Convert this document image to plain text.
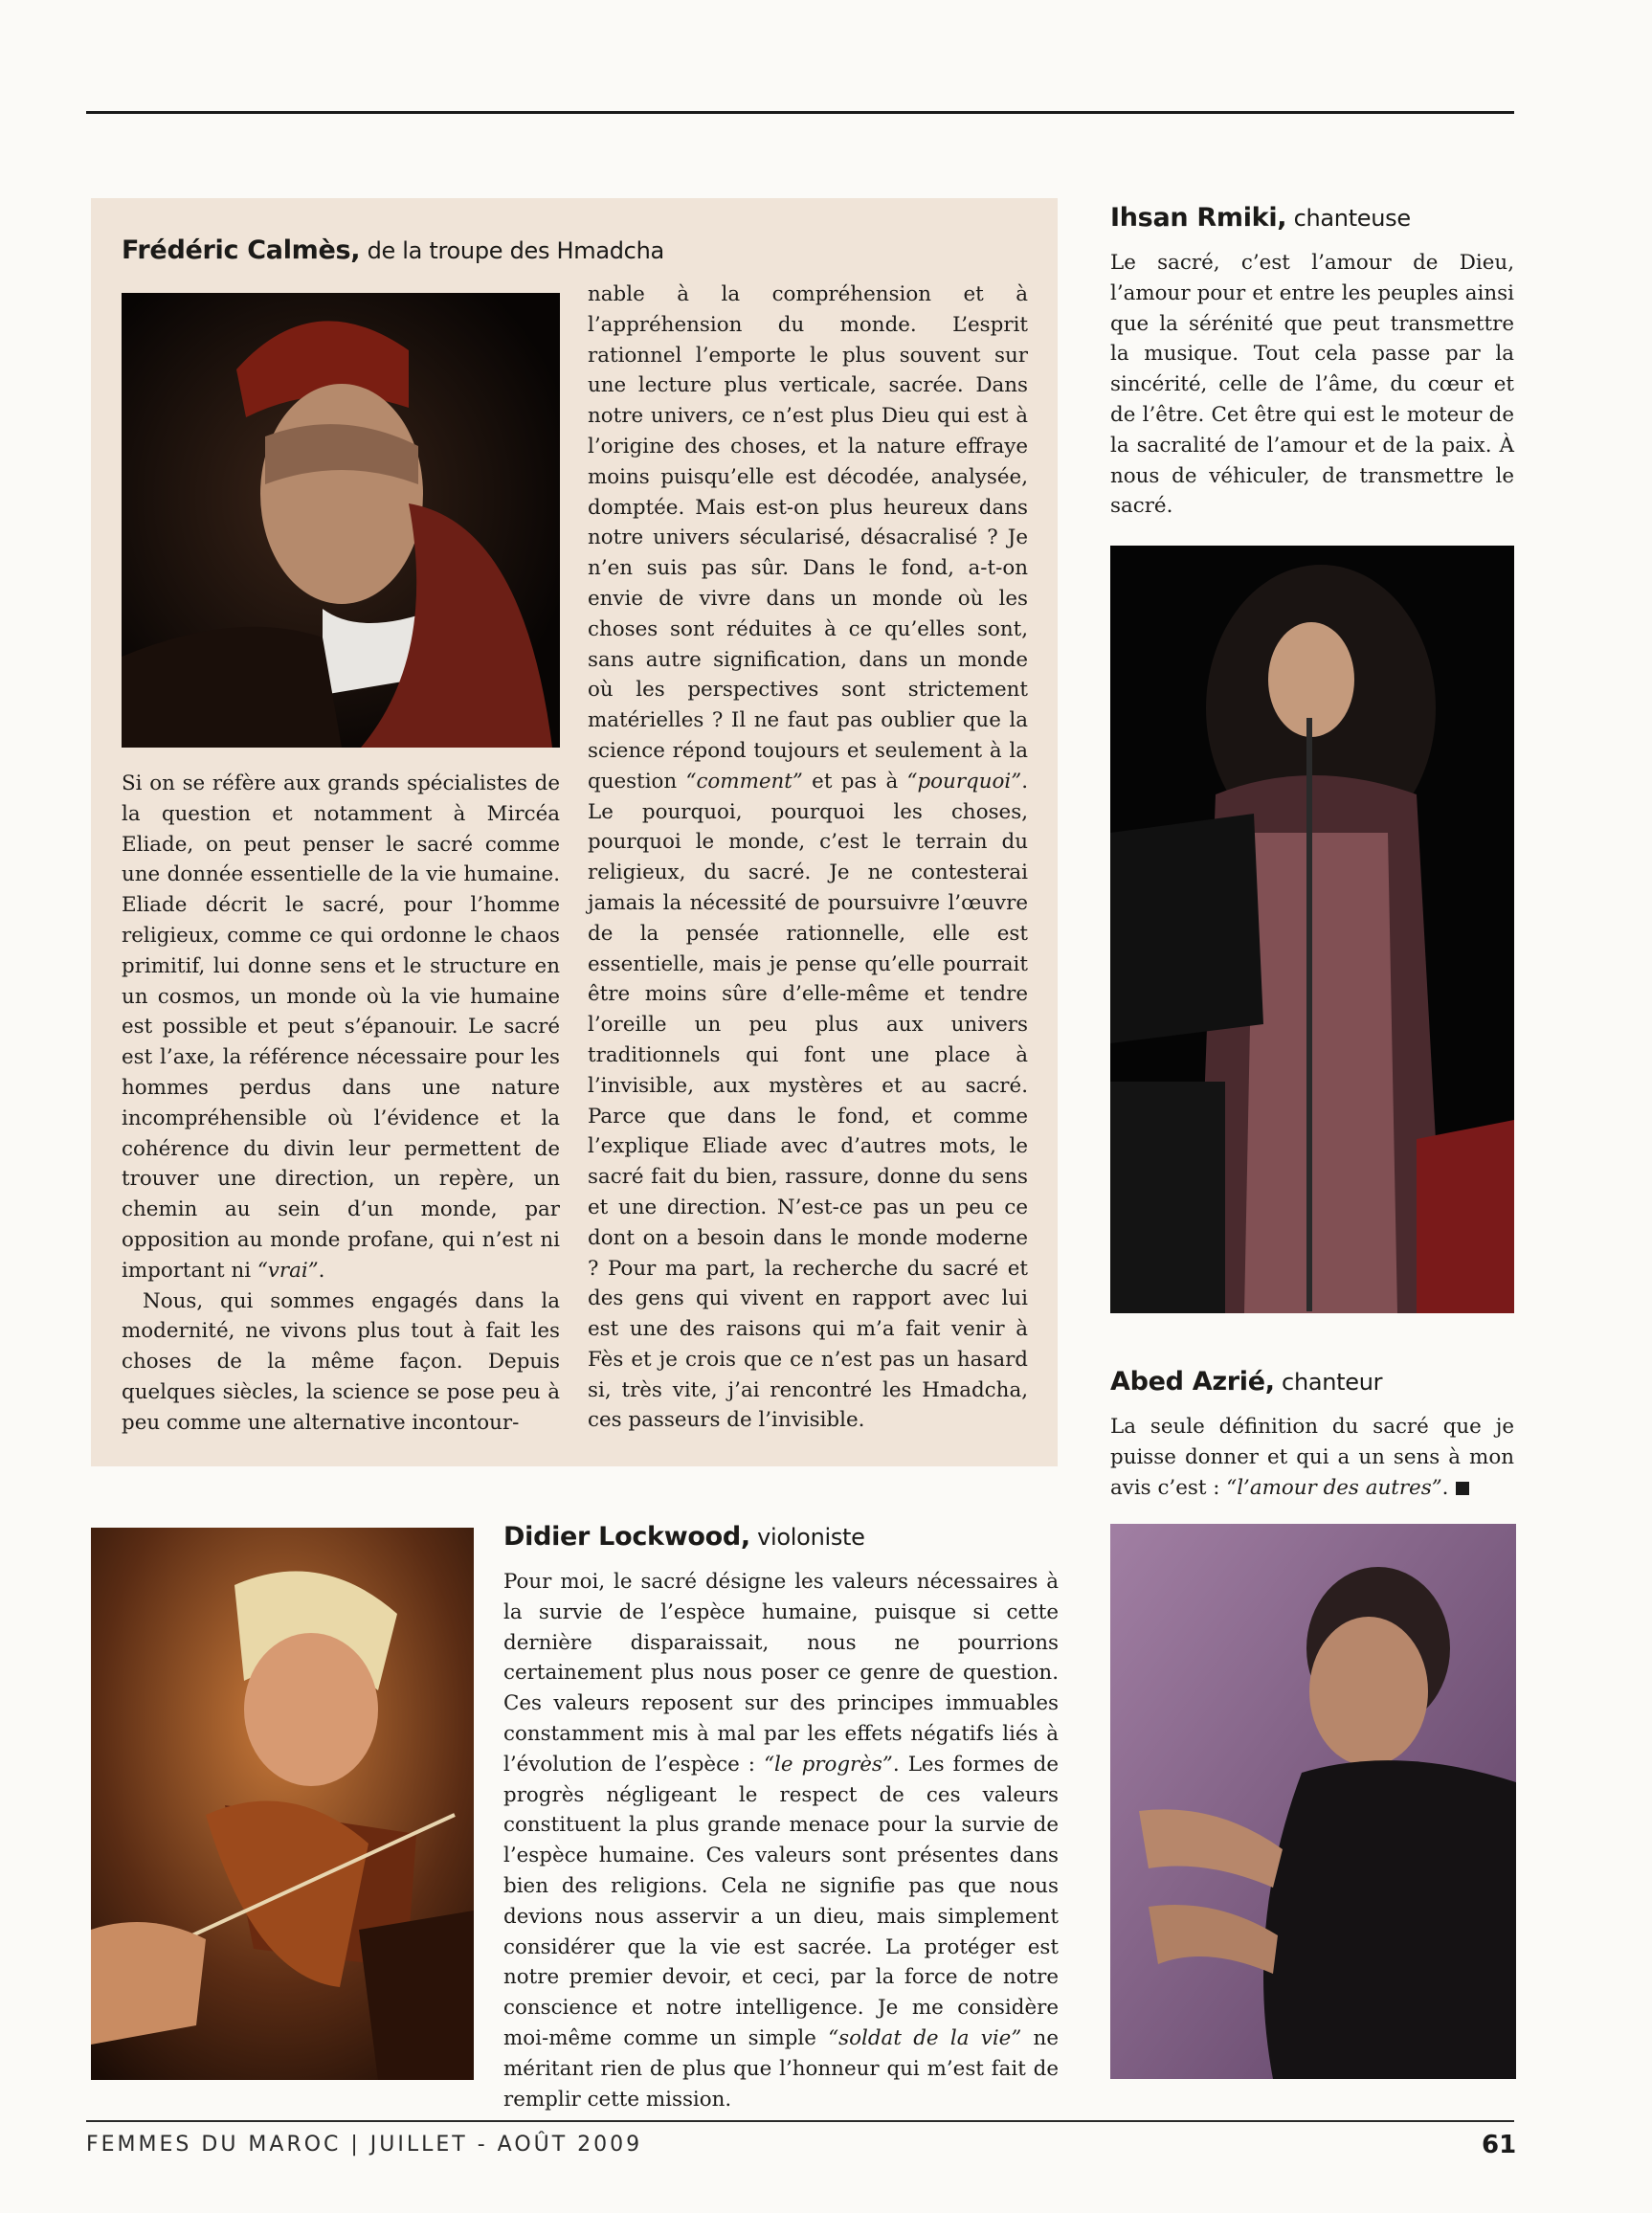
Frédéric Calmès, de la troupe des Hmadcha

Si on se réfère aux grands spécialistes de la question et notamment à Mircéa Eliade, on peut penser le sacré comme une donnée essentielle de la vie humaine. Eliade décrit le sacré, pour l’homme religieux, comme ce qui ordonne le chaos primitif, lui donne sens et le structure en un cosmos, un monde où la vie humaine est possible et peut s’épanouir. Le sacré est l’axe, la référence nécessaire pour les hommes perdus dans une nature incompréhensible où l’évidence et la cohérence du divin leur permettent de trouver une direction, un repère, un chemin au sein d’un monde, par opposition au monde profane, qui n’est ni important ni “vrai”.

Nous, qui sommes engagés dans la modernité, ne vivons plus tout à fait les choses de la même façon. Depuis quelques siècles, la science se pose peu à peu comme une alternative incontour-

nable à la compréhension et à l’appréhension du monde. L’esprit rationnel l’emporte le plus souvent sur une lecture plus verticale, sacrée. Dans notre univers, ce n’est plus Dieu qui est à l’origine des choses, et la nature effraye moins puisqu’elle est décodée, analysée, domptée. Mais est-on plus heureux dans notre univers sécularisé, désacralisé ? Je n’en suis pas sûr. Dans le fond, a-t-on envie de vivre dans un monde où les choses sont réduites à ce qu’elles sont, sans autre signification, dans un monde où les perspectives sont strictement matérielles ? Il ne faut pas oublier que la science répond toujours et seulement à la question “comment” et pas à “pourquoi”. Le pourquoi, pourquoi les choses, pourquoi le monde, c’est le terrain du religieux, du sacré. Je ne contesterai jamais la nécessité de poursuivre l’œuvre de la pensée rationnelle, elle est essentielle, mais je pense qu’elle pourrait être moins sûre d’elle-même et tendre l’oreille un peu plus aux univers traditionnels qui font une place à l’invisible, aux mystères et au sacré. Parce que dans le fond, et comme l’explique Eliade avec d’autres mots, le sacré fait du bien, rassure, donne du sens et une direction. N’est-ce pas un peu ce dont on a besoin dans le monde moderne ? Pour ma part, la recherche du sacré et des gens qui vivent en rapport avec lui est une des raisons qui m’a fait venir à Fès et je crois que ce n’est pas un hasard si, très vite, j’ai rencontré les Hmadcha, ces passeurs de l’invisible.

Ihsan Rmiki, chanteuse

Le sacré, c’est l’amour de Dieu, l’amour pour et entre les peuples ainsi que la sérénité que peut transmettre la musique. Tout cela passe par la sincérité, celle de l’âme, du cœur et de l’être. Cet être qui est le moteur de la sacralité de l’amour et de la paix. À nous de véhiculer, de transmettre le sacré.

Abed Azrié, chanteur

La seule définition du sacré que je puisse donner et qui a un sens à mon avis c’est : “l’amour des autres”.

Didier Lockwood, violoniste

Pour moi, le sacré désigne les valeurs nécessaires à la survie de l’espèce humaine, puisque si cette dernière disparaissait, nous ne pourrions certainement plus nous poser ce genre de question. Ces valeurs reposent sur des principes immuables constamment mis à mal par les effets négatifs liés à l’évolution de l’espèce : “le progrès”. Les formes de progrès négligeant le respect de ces valeurs constituent la plus grande menace pour la survie de l’espèce humaine. Ces valeurs sont présentes dans bien des religions. Cela ne signifie pas que nous devions nous asservir a un dieu, mais simplement considérer que la vie est sacrée. La protéger est notre premier devoir, et ceci, par la force de notre conscience et notre intelligence. Je me considère moi-même comme un simple “soldat de la vie” ne méritant rien de plus que l’honneur qui m’est fait de remplir cette mission.

FEMMES DU MAROC | JUILLET - AOÛT 2009	61
